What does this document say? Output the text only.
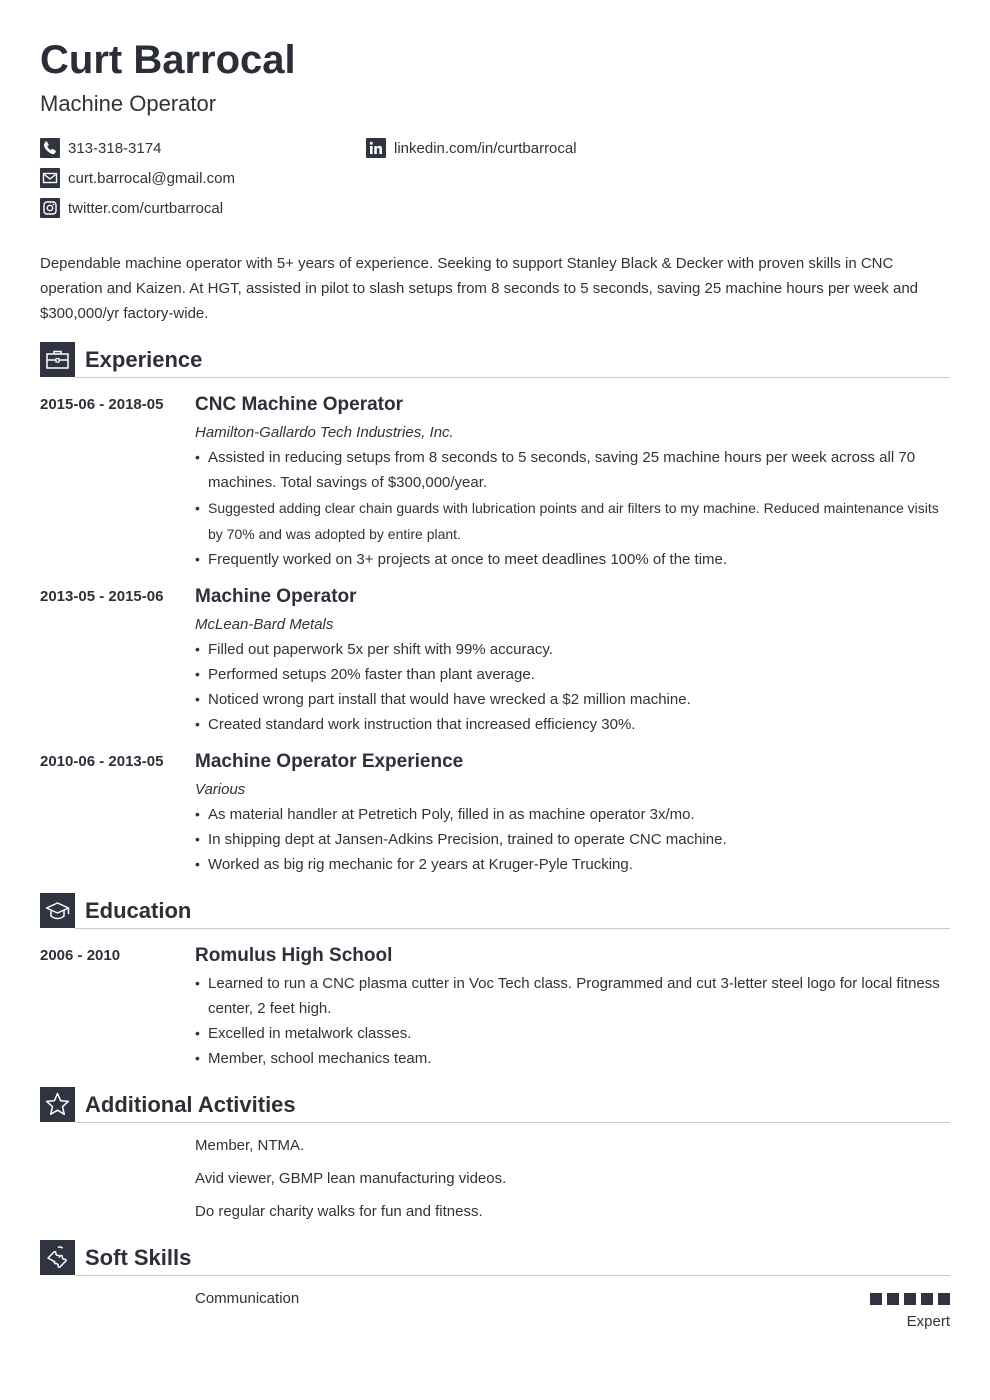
Curt Barrocal
Machine Operator
313-318-3174	linkedin.com/in/curtbarrocal
curt.barrocal@gmail.com
twitter.com/curtbarrocal
Dependable machine operator with 5+ years of experience. Seeking to support Stanley Black & Decker with proven skills in CNC operation and Kaizen. At HGT, assisted in pilot to slash setups from 8 seconds to 5 seconds, saving 25 machine hours per week and $300,000/yr factory-wide.
Experience
2015-06 - 2018-05 CNC Machine Operator
Hamilton-Gallardo Tech Industries, Inc.
• Assisted in reducing setups from 8 seconds to 5 seconds, saving 25 machine hours per week across all 70 machines. Total savings of $300,000/year.
• Suggested adding clear chain guards with lubrication points and air filters to my machine. Reduced maintenance visits by 70% and was adopted by entire plant.
• Frequently worked on 3+ projects at once to meet deadlines 100% of the time.
2013-05 - 2015-06 Machine Operator
McLean-Bard Metals
• Filled out paperwork 5x per shift with 99% accuracy.
• Performed setups 20% faster than plant average.
• Noticed wrong part install that would have wrecked a $2 million machine.
• Created standard work instruction that increased efficiency 30%.
2010-06 - 2013-05 Machine Operator Experience
Various
• As material handler at Petretich Poly, filled in as machine operator 3x/mo.
• In shipping dept at Jansen-Adkins Precision, trained to operate CNC machine.
• Worked as big rig mechanic for 2 years at Kruger-Pyle Trucking.
Education
2006 - 2010	Romulus High School
• Learned to run a CNC plasma cutter in Voc Tech class. Programmed and cut 3-letter steel logo for local fitness center, 2 feet high.
• Excelled in metalwork classes.
• Member, school mechanics team.
Additional Activities
Member, NTMA.
Avid viewer, GBMP lean manufacturing videos.
Do regular charity walks for fun and fitness.
Soft Skills
Communication
Expert
